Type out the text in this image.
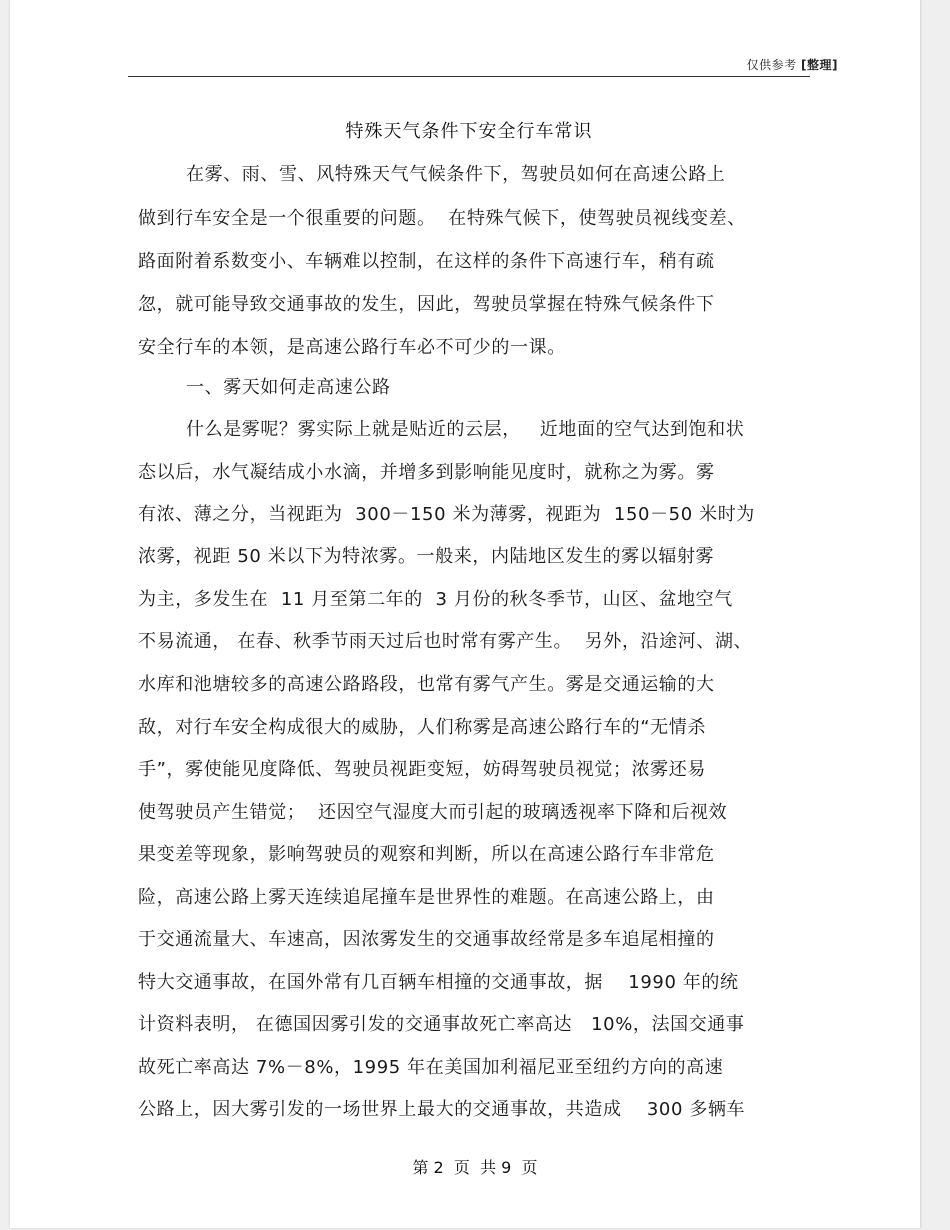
仅供参考 [整理]
特殊天气条件下安全行车常识
在雾、雨、雪、风特殊天气气候条件下，驾驶员如何在高速公路上
做到行车安全是一个很重要的问题。  在特殊气候下，使驾驶员视线变差、
路面附着系数变小、车辆难以控制，在这样的条件下高速行车，稍有疏
忽，就可能导致交通事故的发生，因此，驾驶员掌握在特殊气候条件下
安全行车的本领，是高速公路行车必不可少的一课。
一、雾天如何走高速公路
什么是雾呢？雾实际上就是贴近的云层，   近地面的空气达到饱和状
态以后，水气凝结成小水滴，并增多到影响能见度时，就称之为雾。雾
有浓、薄之分，当视距为  300－150 米为薄雾，视距为  150－50 米时为
浓雾，视距 50 米以下为特浓雾。一般来，内陆地区发生的雾以辐射雾
为主，多发生在  11 月至第二年的  3 月份的秋冬季节，山区、盆地空气
不易流通， 在春、秋季节雨天过后也时常有雾产生。  另外，沿途河、湖、
水库和池塘较多的高速公路路段，也常有雾气产生。雾是交通运输的大
敌，对行车安全构成很大的威胁，人们称雾是高速公路行车的“无情杀
手”，雾使能见度降低、驾驶员视距变短，妨碍驾驶员视觉；浓雾还易
使驾驶员产生错觉；  还因空气湿度大而引起的玻璃透视率下降和后视效
果变差等现象，影响驾驶员的观察和判断，所以在高速公路行车非常危
险，高速公路上雾天连续追尾撞车是世界性的难题。在高速公路上，由
于交通流量大、车速高，因浓雾发生的交通事故经常是多车追尾相撞的
特大交通事故，在国外常有几百辆车相撞的交通事故，据    1990 年的统
计资料表明， 在德国因雾引发的交通事故死亡率高达   10%，法国交通事
故死亡率高达 7%－8%，1995 年在美国加利福尼亚至纽约方向的高速
公路上，因大雾引发的一场世界上最大的交通事故，共造成    300 多辆车
第 2  页  共 9  页
